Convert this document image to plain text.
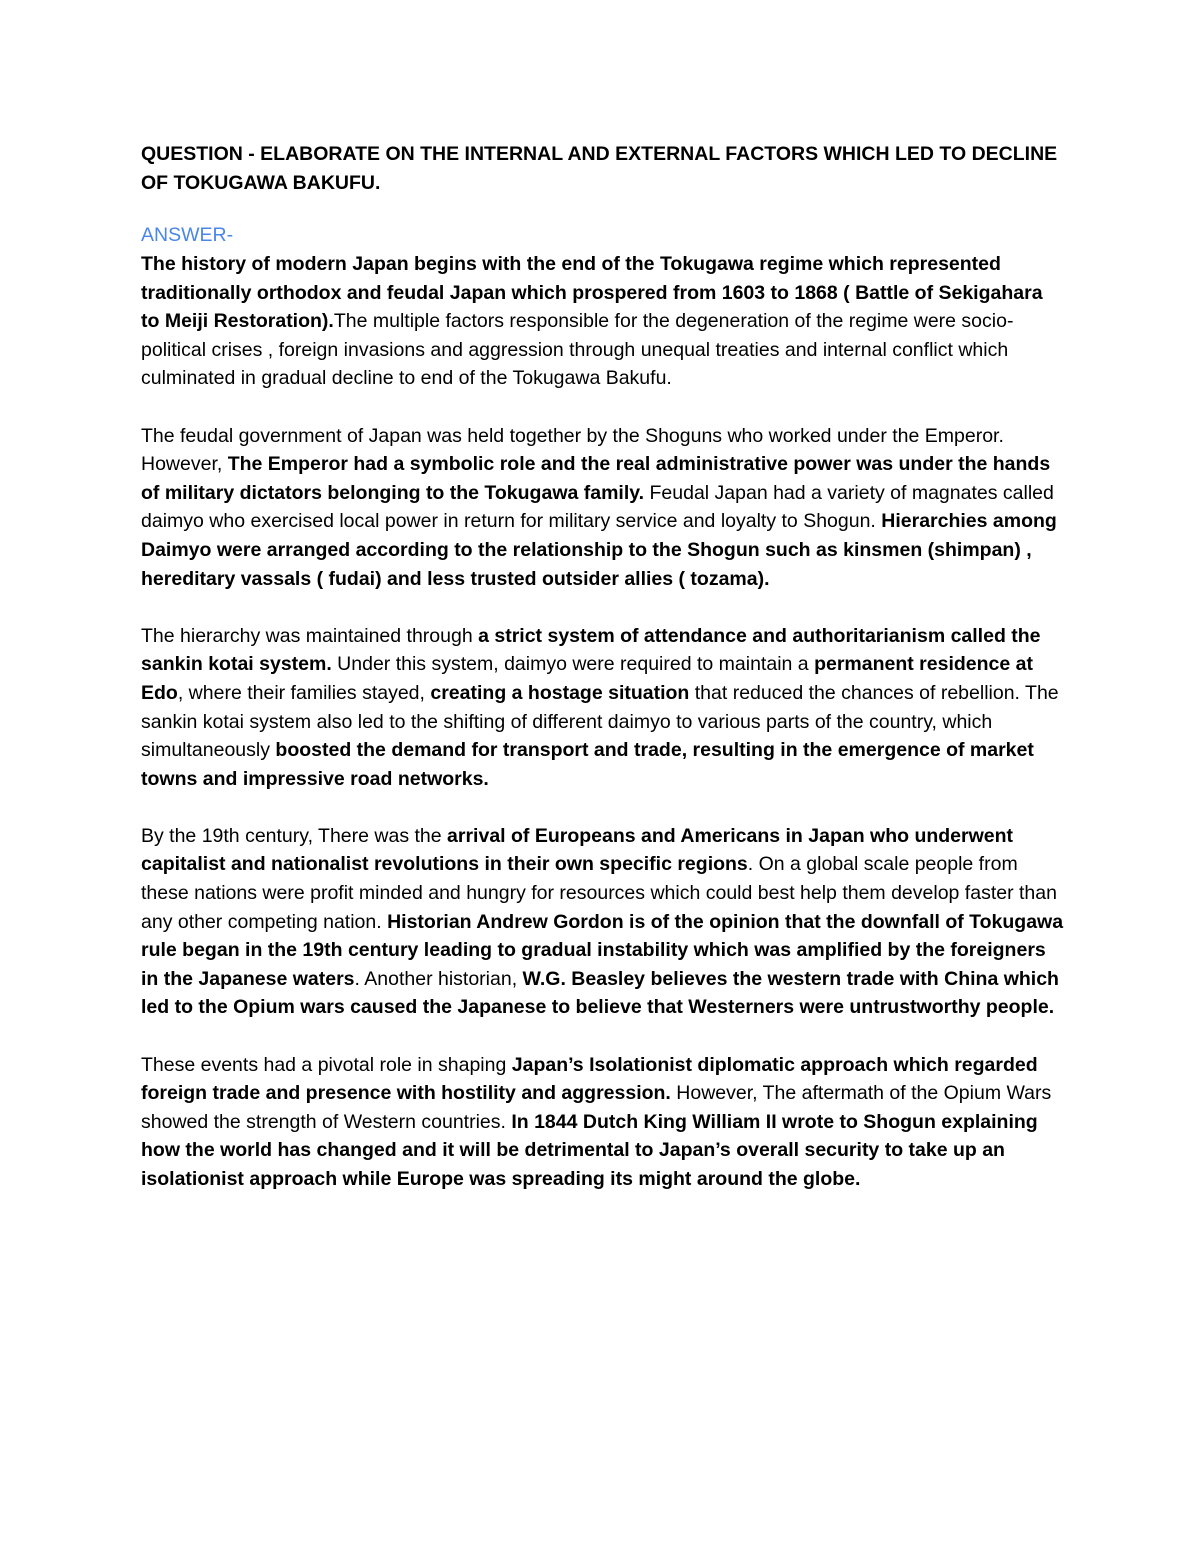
QUESTION - ELABORATE ON THE INTERNAL AND EXTERNAL FACTORS WHICH LED TO DECLINE OF TOKUGAWA BAKUFU.

ANSWER-

The history of modern Japan begins with the end of the Tokugawa regime which represented traditionally orthodox and feudal Japan which prospered from 1603 to 1868 ( Battle of Sekigahara to Meiji Restoration).The multiple factors responsible for the degeneration of the regime were socio- political crises , foreign invasions and aggression through unequal treaties and internal conflict which culminated in gradual decline to end of the Tokugawa Bakufu.

The feudal government of Japan was held together by the Shoguns who worked under the Emperor. However, The Emperor had a symbolic role and the real administrative power was under the hands of military dictators belonging to the Tokugawa family. Feudal Japan had a variety of magnates called daimyo who exercised local power in return for military service and loyalty to Shogun. Hierarchies among Daimyo were arranged according to the relationship to the Shogun such as kinsmen (shimpan) , hereditary vassals ( fudai) and less trusted outsider allies ( tozama).

The hierarchy was maintained through a strict system of attendance and authoritarianism called the sankin kotai system. Under this system, daimyo were required to maintain a permanent residence at Edo, where their families stayed, creating a hostage situation that reduced the chances of rebellion. The sankin kotai system also led to the shifting of different daimyo to various parts of the country, which simultaneously boosted the demand for transport and trade, resulting in the emergence of market towns and impressive road networks.

By the 19th century, There was the arrival of Europeans and Americans in Japan who underwent capitalist and nationalist revolutions in their own specific regions. On a global scale people from these nations were profit minded and hungry for resources which could best help them develop faster than any other competing nation. Historian Andrew Gordon is of the opinion that the downfall of Tokugawa rule began in the 19th century leading to gradual instability which was amplified by the foreigners in the Japanese waters. Another historian, W.G. Beasley believes the western trade with China which led to the Opium wars caused the Japanese to believe that Westerners were untrustworthy people.

These events had a pivotal role in shaping Japan’s Isolationist diplomatic approach which regarded foreign trade and presence with hostility and aggression. However, The aftermath of the Opium Wars showed the strength of Western countries. In 1844 Dutch King William II wrote to Shogun explaining how the world has changed and it will be detrimental to Japan’s overall security to take up an isolationist approach while Europe was spreading its might around the globe.
